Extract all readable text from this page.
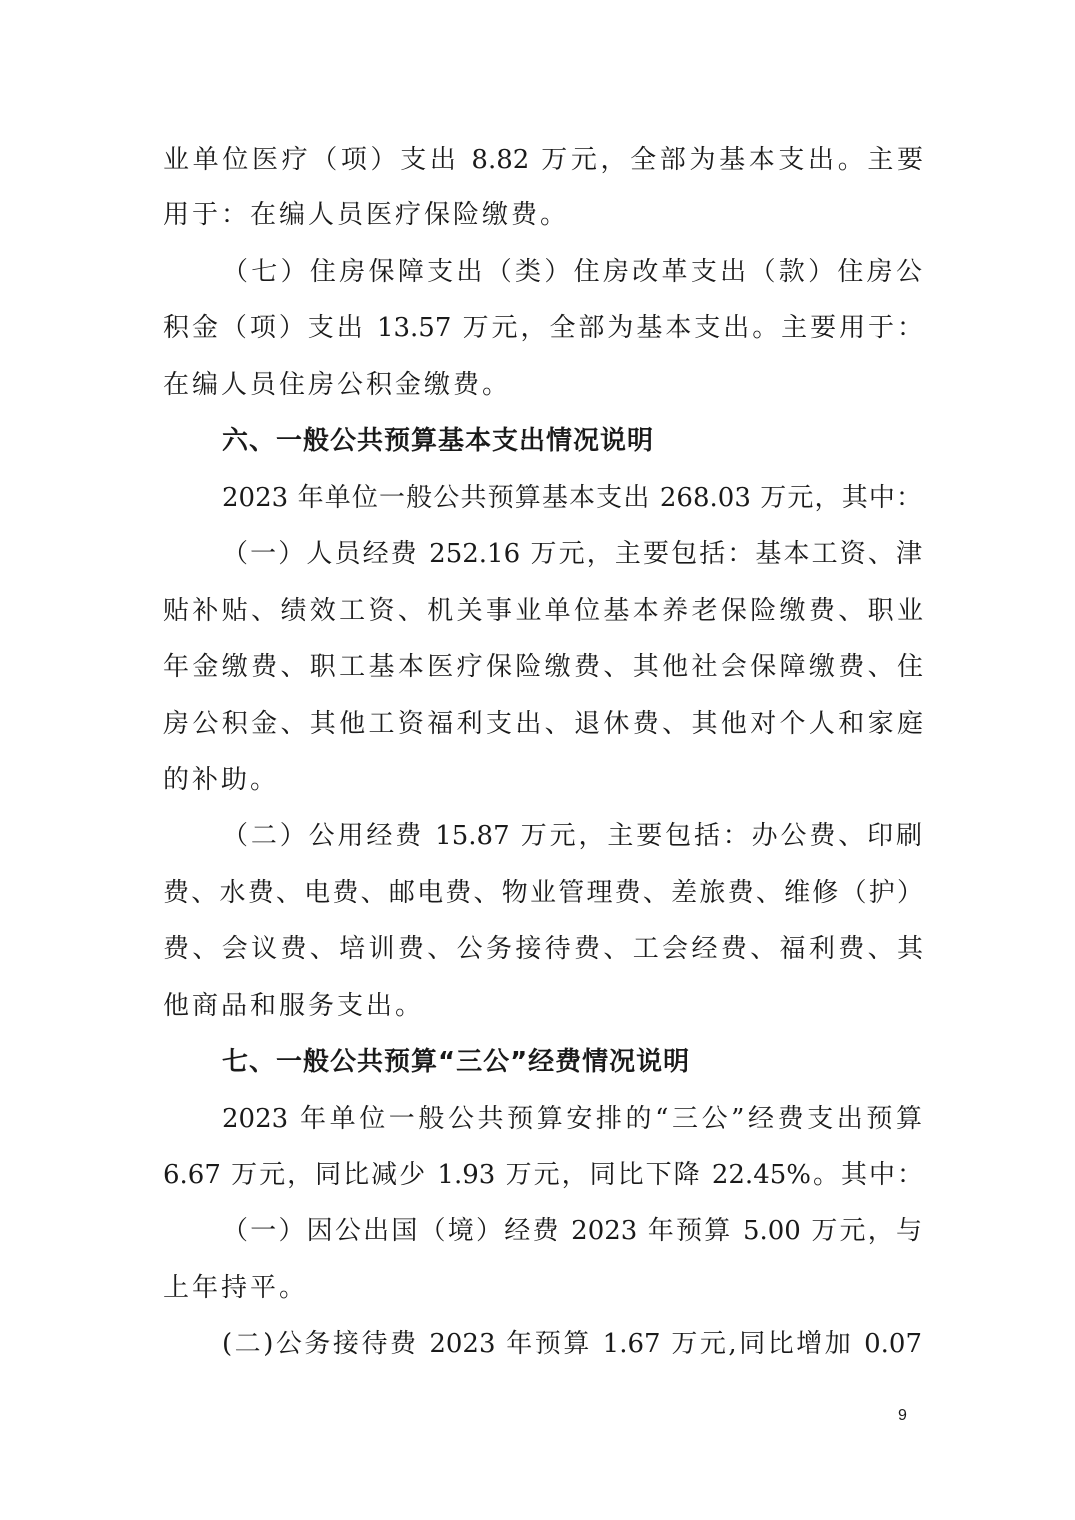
业单位医疗（项）支出 8.82 万元，全部为基本支出。主要
用于：在编人员医疗保险缴费。
（七）住房保障支出（类）住房改革支出（款）住房公
积金（项）支出 13.57 万元，全部为基本支出。主要用于：
在编人员住房公积金缴费。
六、一般公共预算基本支出情况说明
2023 年单位一般公共预算基本支出 268.03 万元，其中：
（一）人员经费 252.16 万元，主要包括：基本工资、津
贴补贴、绩效工资、机关事业单位基本养老保险缴费、职业
年金缴费、职工基本医疗保险缴费、其他社会保障缴费、住
房公积金、其他工资福利支出、退休费、其他对个人和家庭
的补助。
（二）公用经费 15.87 万元，主要包括：办公费、印刷
费、水费、电费、邮电费、物业管理费、差旅费、维修（护）
费、会议费、培训费、公务接待费、工会经费、福利费、其
他商品和服务支出。
七、一般公共预算“三公”经费情况说明
2023 年单位一般公共预算安排的“三公”经费支出预算
6.67 万元，同比减少 1.93 万元，同比下降 22.45%。其中：
（一）因公出国（境）经费 2023 年预算 5.00 万元，与
上年持平。
(二)公务接待费 2023 年预算 1.67 万元,同比增加 0.07
9
